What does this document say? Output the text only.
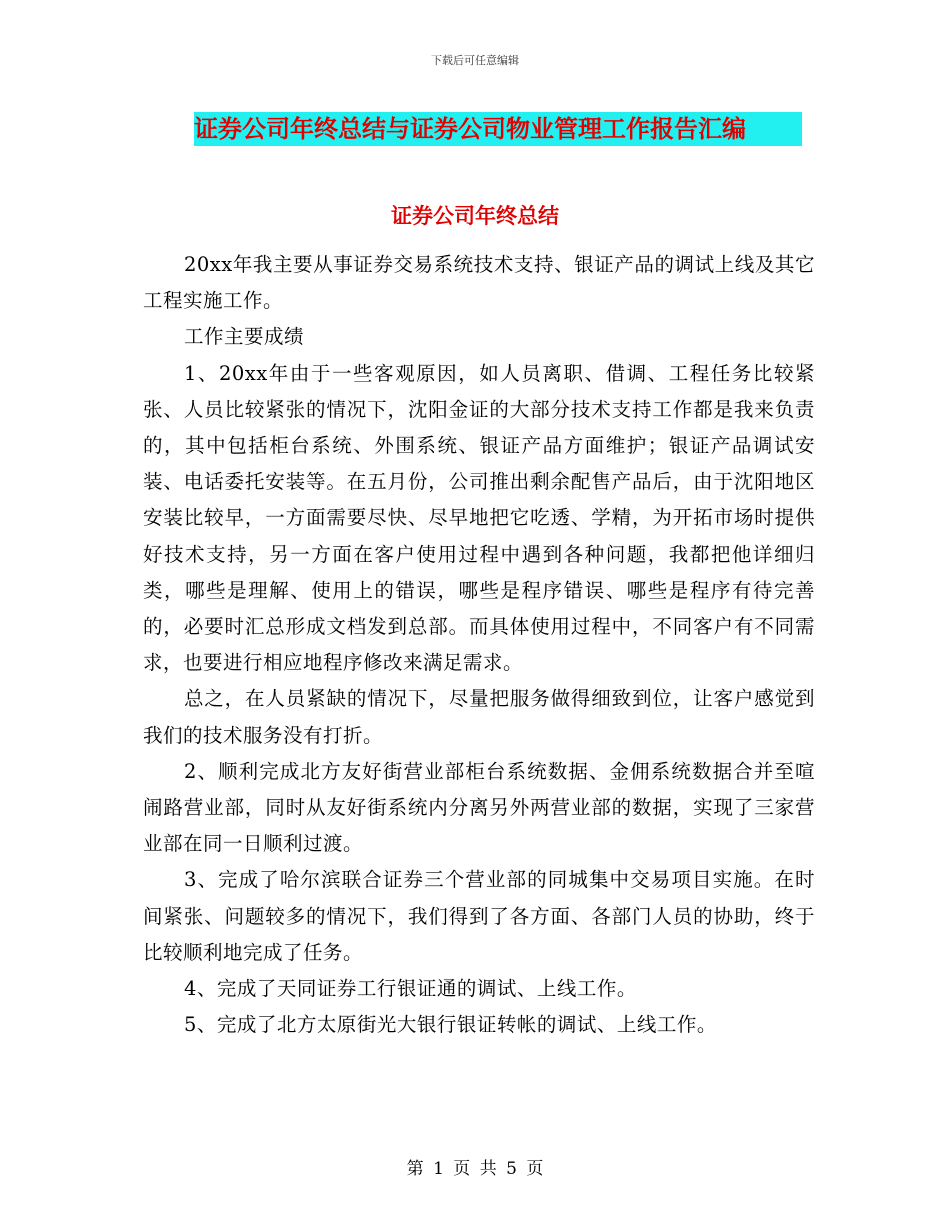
下载后可任意编辑
证券公司年终总结与证券公司物业管理工作报告汇编
证券公司年终总结

20xx年我主要从事证券交易系统技术支持、银证产品的调试上线及其它工程实施工作。

工作主要成绩

1、20xx年由于一些客观原因，如人员离职、借调、工程任务比较紧张、人员比较紧张的情况下，沈阳金证的大部分技术支持工作都是我来负责的，其中包括柜台系统、外围系统、银证产品方面维护；银证产品调试安装、电话委托安装等。在五月份，公司推出剩余配售产品后，由于沈阳地区安装比较早，一方面需要尽快、尽早地把它吃透、学精，为开拓市场时提供好技术支持，另一方面在客户使用过程中遇到各种问题，我都把他详细归类，哪些是理解、使用上的错误，哪些是程序错误、哪些是程序有待完善的，必要时汇总形成文档发到总部。而具体使用过程中，不同客户有不同需求，也要进行相应地程序修改来满足需求。

总之，在人员紧缺的情况下，尽量把服务做得细致到位，让客户感觉到我们的技术服务没有打折。

2、顺利完成北方友好街营业部柜台系统数据、金佣系统数据合并至喧闹路营业部，同时从友好街系统内分离另外两营业部的数据，实现了三家营业部在同一日顺利过渡。

3、完成了哈尔滨联合证券三个营业部的同城集中交易项目实施。在时间紧张、问题较多的情况下，我们得到了各方面、各部门人员的协助，终于比较顺利地完成了任务。

4、完成了天同证券工行银证通的调试、上线工作。

5、完成了北方太原街光大银行银证转帐的调试、上线工作。

第 1 页 共 5 页
